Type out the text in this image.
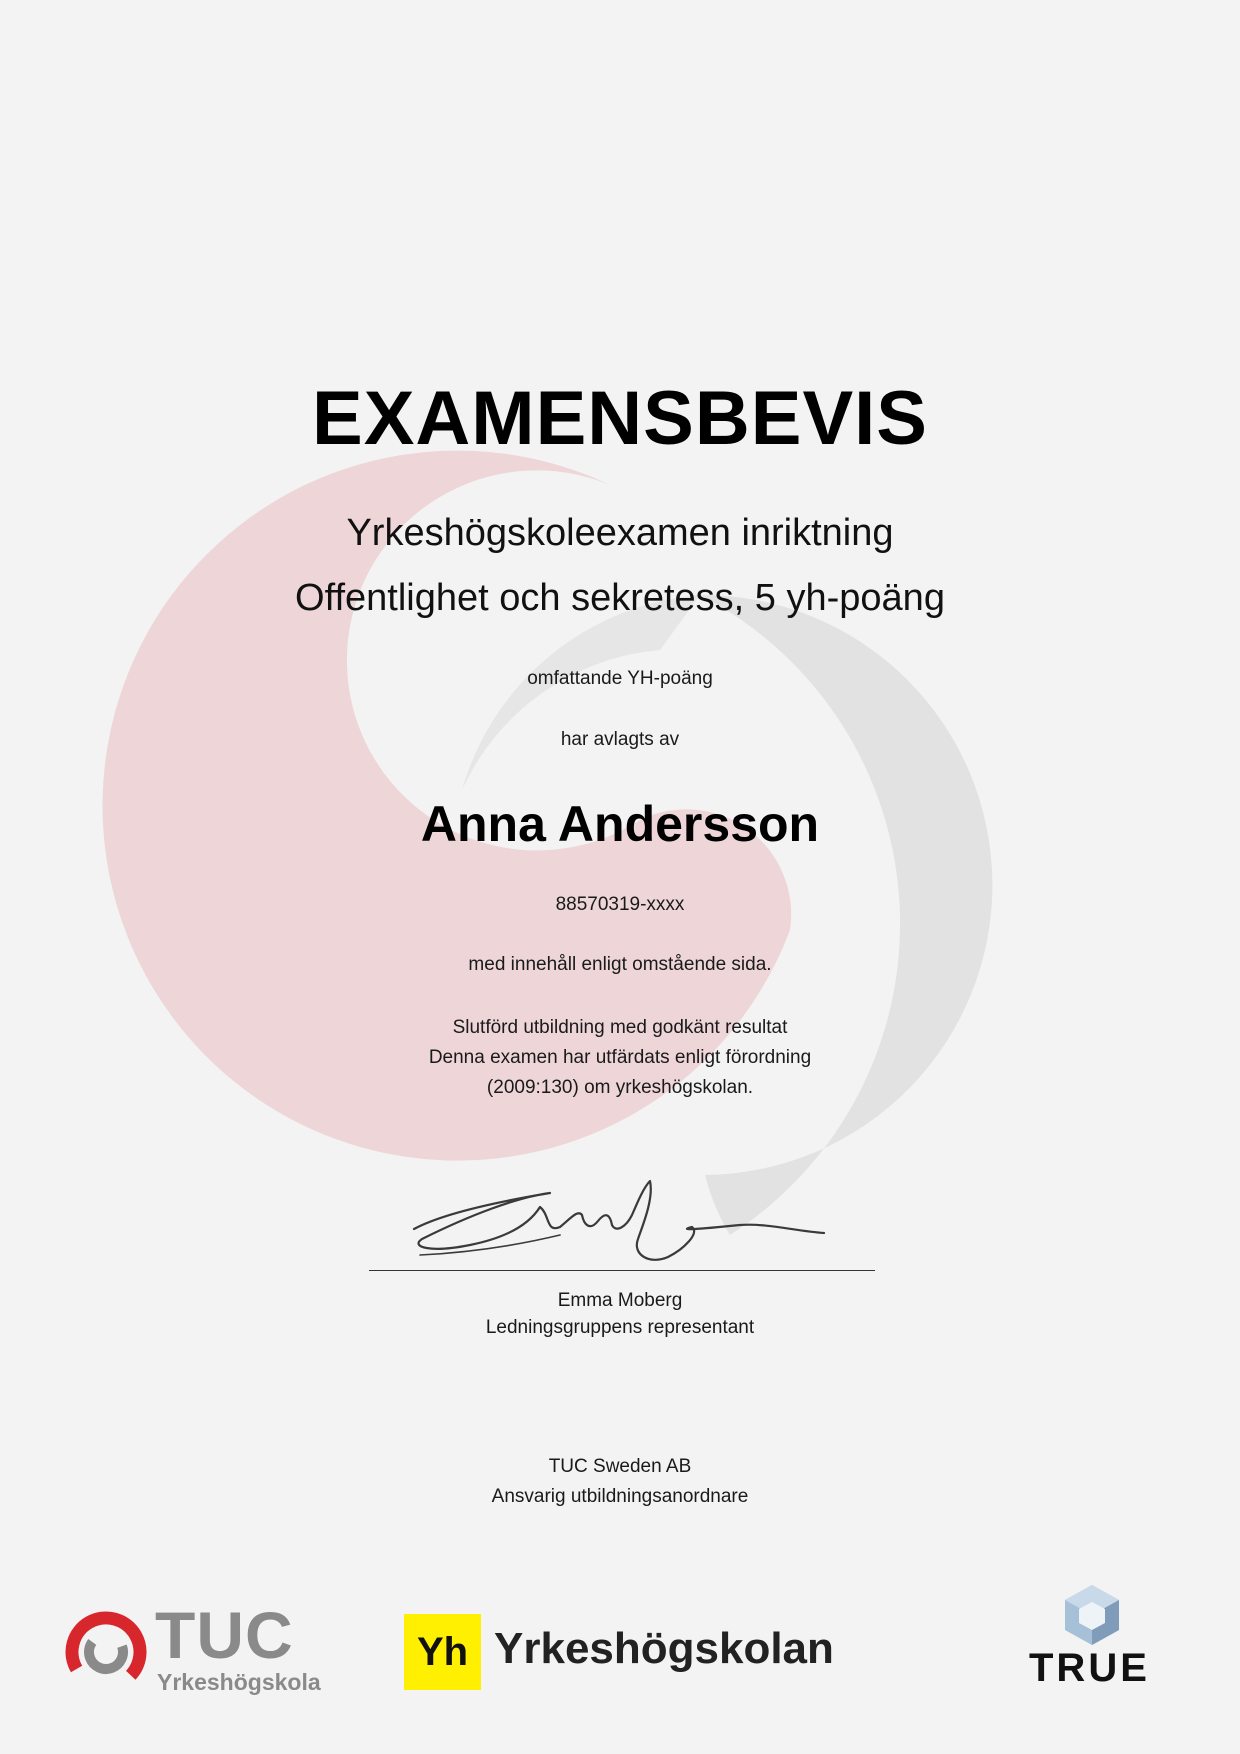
EXAMENSBEVIS
Yrkeshögskoleexamen inriktning
Offentlighet och sekretess, 5 yh-poäng
omfattande YH-poäng
har avlagts av
Anna Andersson
88570319-xxxx
med innehåll enligt omstående sida.
Slutförd utbildning med godkänt resultat
Denna examen har utfärdats enligt förordning
(2009:130) om yrkeshögskolan.
Emma Moberg
Ledningsgruppens representant
TUC Sweden AB
Ansvarig utbildningsanordnare
TUC
Yrkeshögskola
Yh Yrkeshögskolan	TRUE
